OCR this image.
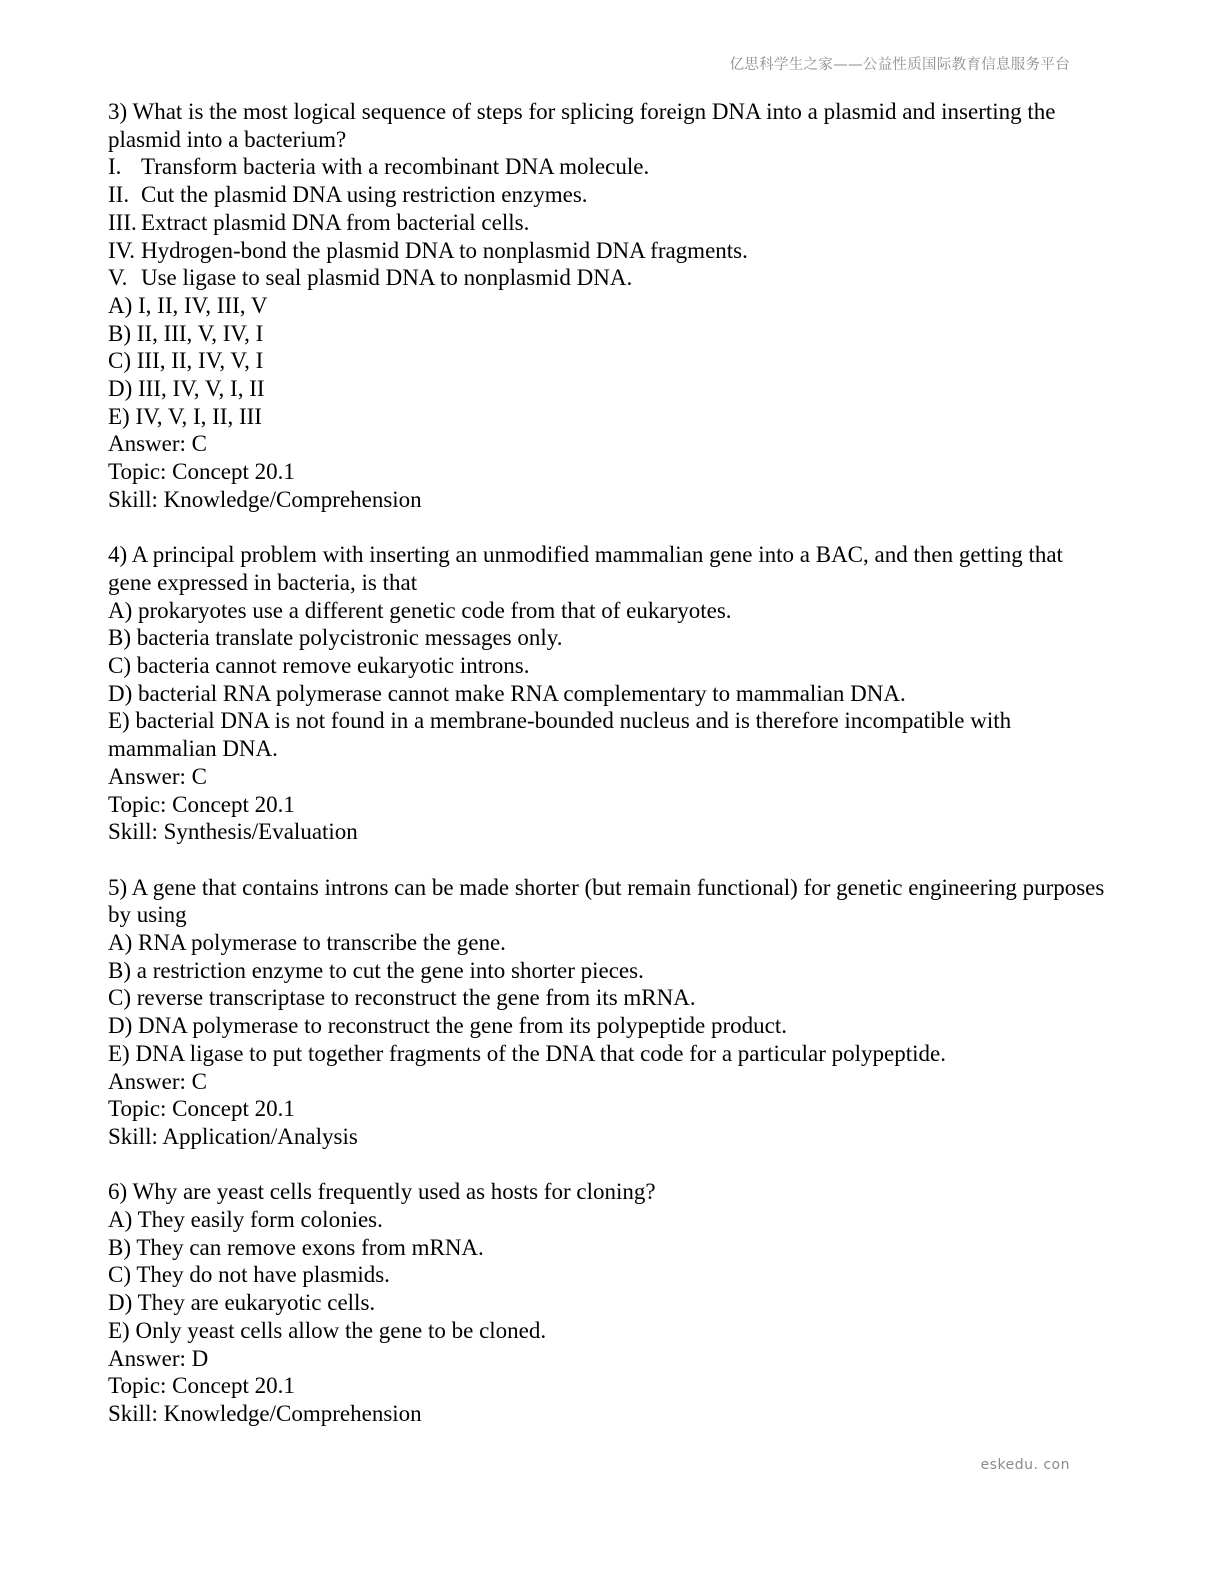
亿思科学生之家——公益性质国际教育信息服务平台
3) What is the most logical sequence of steps for splicing foreign DNA into a plasmid and inserting the plasmid into a bacterium?
I. Transform bacteria with a recombinant DNA molecule.
II. Cut the plasmid DNA using restriction enzymes.
III. Extract plasmid DNA from bacterial cells.
IV. Hydrogen-bond the plasmid DNA to nonplasmid DNA fragments.
V. Use ligase to seal plasmid DNA to nonplasmid DNA.
A) I, II, IV, III, V
B) II, III, V, IV, I
C) III, II, IV, V, I
D) III, IV, V, I, II
E) IV, V, I, II, III
Answer: C
Topic: Concept 20.1
Skill: Knowledge/Comprehension
4) A principal problem with inserting an unmodified mammalian gene into a BAC, and then getting that gene expressed in bacteria, is that
A) prokaryotes use a different genetic code from that of eukaryotes.
B) bacteria translate polycistronic messages only.
C) bacteria cannot remove eukaryotic introns.
D) bacterial RNA polymerase cannot make RNA complementary to mammalian DNA.
E) bacterial DNA is not found in a membrane-bounded nucleus and is therefore incompatible with mammalian DNA.
Answer: C
Topic: Concept 20.1
Skill: Synthesis/Evaluation
5) A gene that contains introns can be made shorter (but remain functional) for genetic engineering purposes by using
A) RNA polymerase to transcribe the gene.
B) a restriction enzyme to cut the gene into shorter pieces.
C) reverse transcriptase to reconstruct the gene from its mRNA.
D) DNA polymerase to reconstruct the gene from its polypeptide product.
E) DNA ligase to put together fragments of the DNA that code for a particular polypeptide.
Answer: C
Topic: Concept 20.1
Skill: Application/Analysis
6) Why are yeast cells frequently used as hosts for cloning?
A) They easily form colonies.
B) They can remove exons from mRNA.
C) They do not have plasmids.
D) They are eukaryotic cells.
E) Only yeast cells allow the gene to be cloned.
Answer: D
Topic: Concept 20.1
Skill: Knowledge/Comprehension
eskedu. con
